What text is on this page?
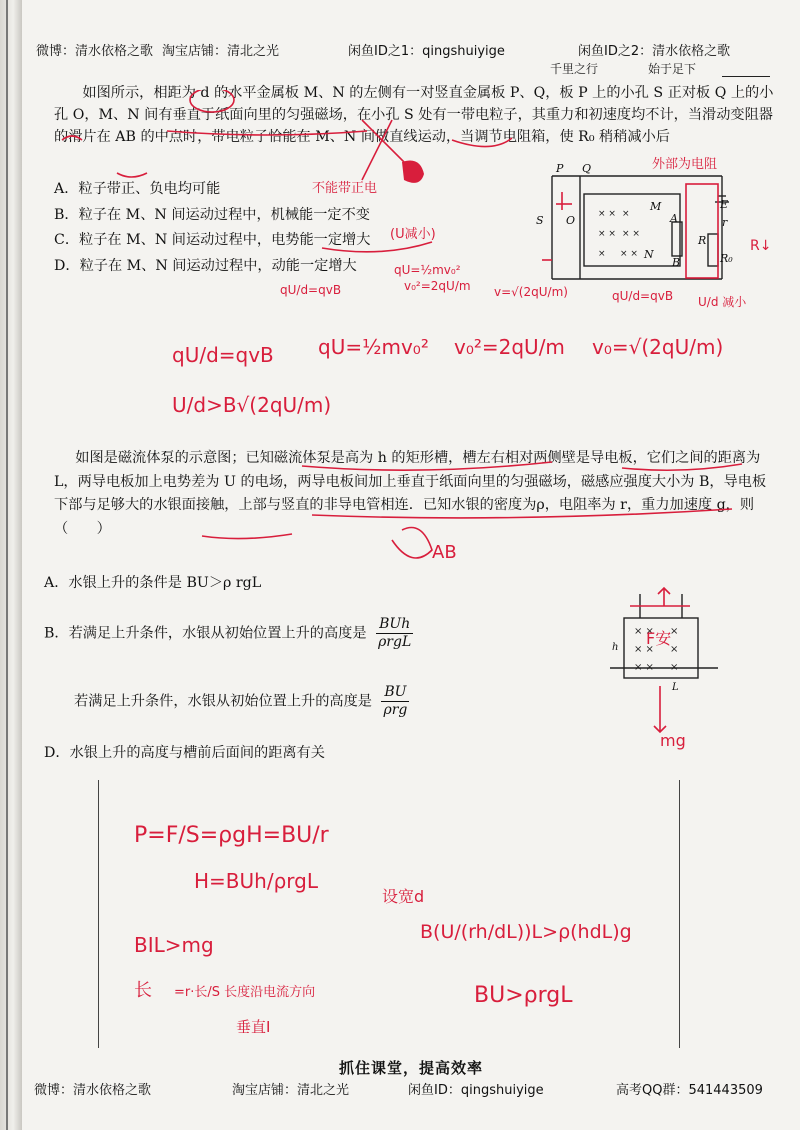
微博：清水依格之歌 淘宝店铺：清北之光	闲鱼ID之1：qingshuiyige	闲鱼ID之2：清水依格之歌
千里之行	始于足下

如图所示，相距为 d 的水平金属板 M、N 的左侧有一对竖直金属板 P、Q，板 P 上的小孔 S 正对板 Q 上的小孔 O，M、N 间有垂直于纸面向里的匀强磁场，在小孔 S 处有一带电粒子，其重力和初速度均不计，当滑动变阻器的滑片在 AB 的中点时，带电粒子恰能在 M、N 间做直线运动，当调节电阻箱，使 R₀ 稍稍减小后

A．粒子带正、负电均可能
B．粒子在 M、N 间运动过程中，机械能一定不变
C．粒子在 M、N 间运动过程中，电势能一定增大
D．粒子在 M、N 间运动过程中，动能一定增大
× × ×
× × × ×
× × ×
P Q
S O
M
A
N
B
E
R
r
R₀
不能带正电
(U减小)
外部为电阻
R↓
qU=½mv₀²
v₀²=2qU/m v=√(2qU/m)
qU/d=qvB	qU/d=qvB
qU/d=qvB qU=½mv₀² v₀²=2qU/m v₀=√(2qU/m)
U/d>B√(2qU/m)
U/d 减小

如图是磁流体泵的示意图；已知磁流体泵是高为 h 的矩形槽，槽左右相对两侧壁是导电板，它们之间的距离为 L，两导电板加上电势差为 U 的电场，两导电板间加上垂直于纸面向里的匀强磁场，磁感应强度大小为 B，导电板下部与足够大的水银面接触，上部与竖直的非导电管相连．已知水银的密度为ρ，电阻率为 r，重力加速度 g，则（　　）

A．水银上升的条件是 BU＞ρ rgL
B．若满足上升条件，水银从初始位置上升的高度是 $\frac{\text{BUh}}{\text{ρrgL}}$
若满足上升条件，水银从初始位置上升的高度是 $\frac{BU}{\text{ρrg}}$
D．水银上升的高度与槽前后面间的距离有关
× × ×
× × ×
× × ×
h
L
F安
mg
AB
P=F/S=ρgH=BU/r
H=BUh/ρrgL
设宽d
B(U/(rh/dL))L>ρ(hdL)g
BIL>mg
BU>ρrgL
长 =r·长/S 长度沿电流方向
垂直I
抓住课堂，提高效率
微博：清水依格之歌	淘宝店铺：清北之光	闲鱼ID：qingshuiyige	高考QQ群：541443509
